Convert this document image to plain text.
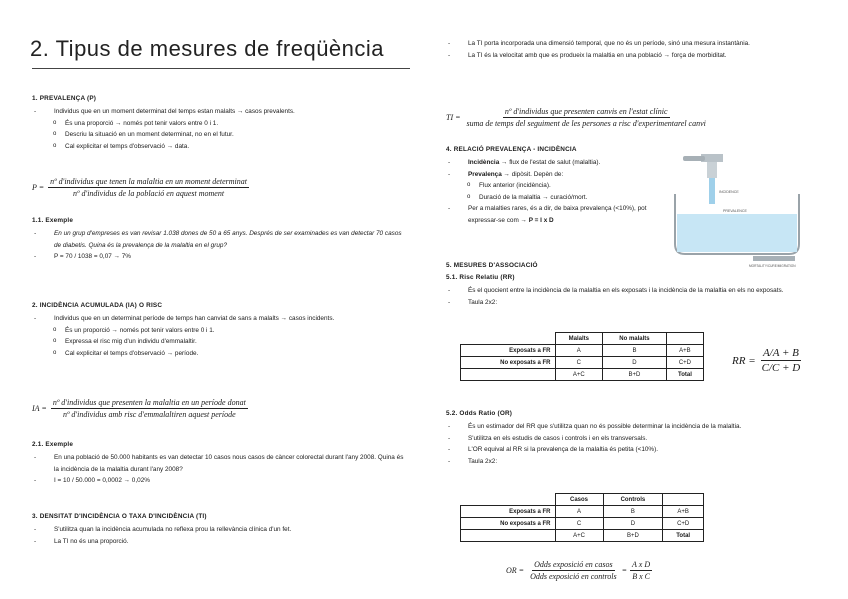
2. Tipus de mesures de freqüència
1. PREVALENÇA (P)
- Individus que en un moment determinat del temps estan malalts → casos prevalents.
o És una proporció → només pot tenir valors entre 0 i 1.
o Descriu la situació en un moment determinat, no en el futur.
o Cal explicitar el temps d'observació → data.
$P = \frac{\text{nº d'individus que tenen la malaltia en un moment determinat}}{\text{nº d'individus de la població en aquest moment}}$
1.1. Exemple
- En un grup d'empreses es van revisar 1.038 dones de 50 a 65 anys. Després de ser examinades es van detectar 70 casos de diabetis. Quina és la prevalença de la malaltia en el grup?
- P = 70 / 1038 = 0,07 → 7%
2. INCIDÈNCIA ACUMULADA (IA) O RISC
- Individus que en un determinat període de temps han canviat de sans a malalts → casos incidents.
o És un proporció → només pot tenir valors entre 0 i 1.
o Expressa el risc mig d'un individu d'emmalaltir.
o Cal explicitar el temps d'observació → període.
IA = $\frac{\text{nº d'individus que presenten la malaltia en un període donat}}{\text{nº d'individus amb risc d'emmalaltiren aquest període}}$
2.1. Exemple
- En una població de 50.000 habitants es van detectar 10 casos nous casos de càncer colorectal durant l'any 2008. Quina és la incidència de la malaltia durant l'any 2008?
- I = 10 / 50.000 = 0,0002 → 0,02%
3. DENSITAT D'INCIDÈNCIA O TAXA D'INCIDÈNCIA (TI)
- S'utilitza quan la incidència acumulada no reflexa prou la rellevància clínica d'un fet.
- La TI no és una proporció.
- La TI porta incorporada una dimensió temporal, que no és un període, sinó una mesura instantània.
- La TI és la velocitat amb que es produeix la malaltia en una població → força de morbiditat.
TI =
nº d'individus que presenten canvis en l'estat clínic
suma de temps del seguiment de les persones a risc d'experimentarel canvi
4. RELACIÓ PREVALENÇA - INCIDÈNCIA
- Incidència → flux de l'estat de salut (malaltia).
- Prevalença → dipòsit. Depèn de:
o Flux anterior (incidència).
o Duració de la malaltia → curació/mort.
- Per a malalties rares, és a dir, de baixa prevalença (<10%), pot expressar-se com → P = I x D
INCIDENCE
PREVALENCE
MORTALITY/CURE/MIGRATION
5. MESURES D'ASSOCIACIÓ
5.1. Risc Relatiu (RR)
- És el quocient entre la incidència de la malaltia en els exposats i la incidència de la malaltia en els no exposats.
- Taula 2x2:
	Malalts	No malalts	
Exposats a FR	A	B	A+B
No exposats a FR	C	D	C+D
	A+C	B+D	Total
RR = $\frac{A/A + B}{C/C + D}$
5.2. Odds Ratio (OR)
- És un estimador del RR que s'utilitza quan no és possible determinar la incidència de la malaltia.
- S'utilitza en els estudis de casos i controls i en els transversals.
- L'OR equival al RR si la prevalença de la malaltia és petita (<10%).
- Taula 2x2:
	Casos	Controls	
Exposats a FR	A	B	A+B
No exposats a FR	C	D	C+D
	A+C	B+D	Total
OR = $\frac{\text{Odds exposició en casos}}{\text{Odds exposició en controls}} = \frac{\text{A x D}}{\text{B x C}}$
